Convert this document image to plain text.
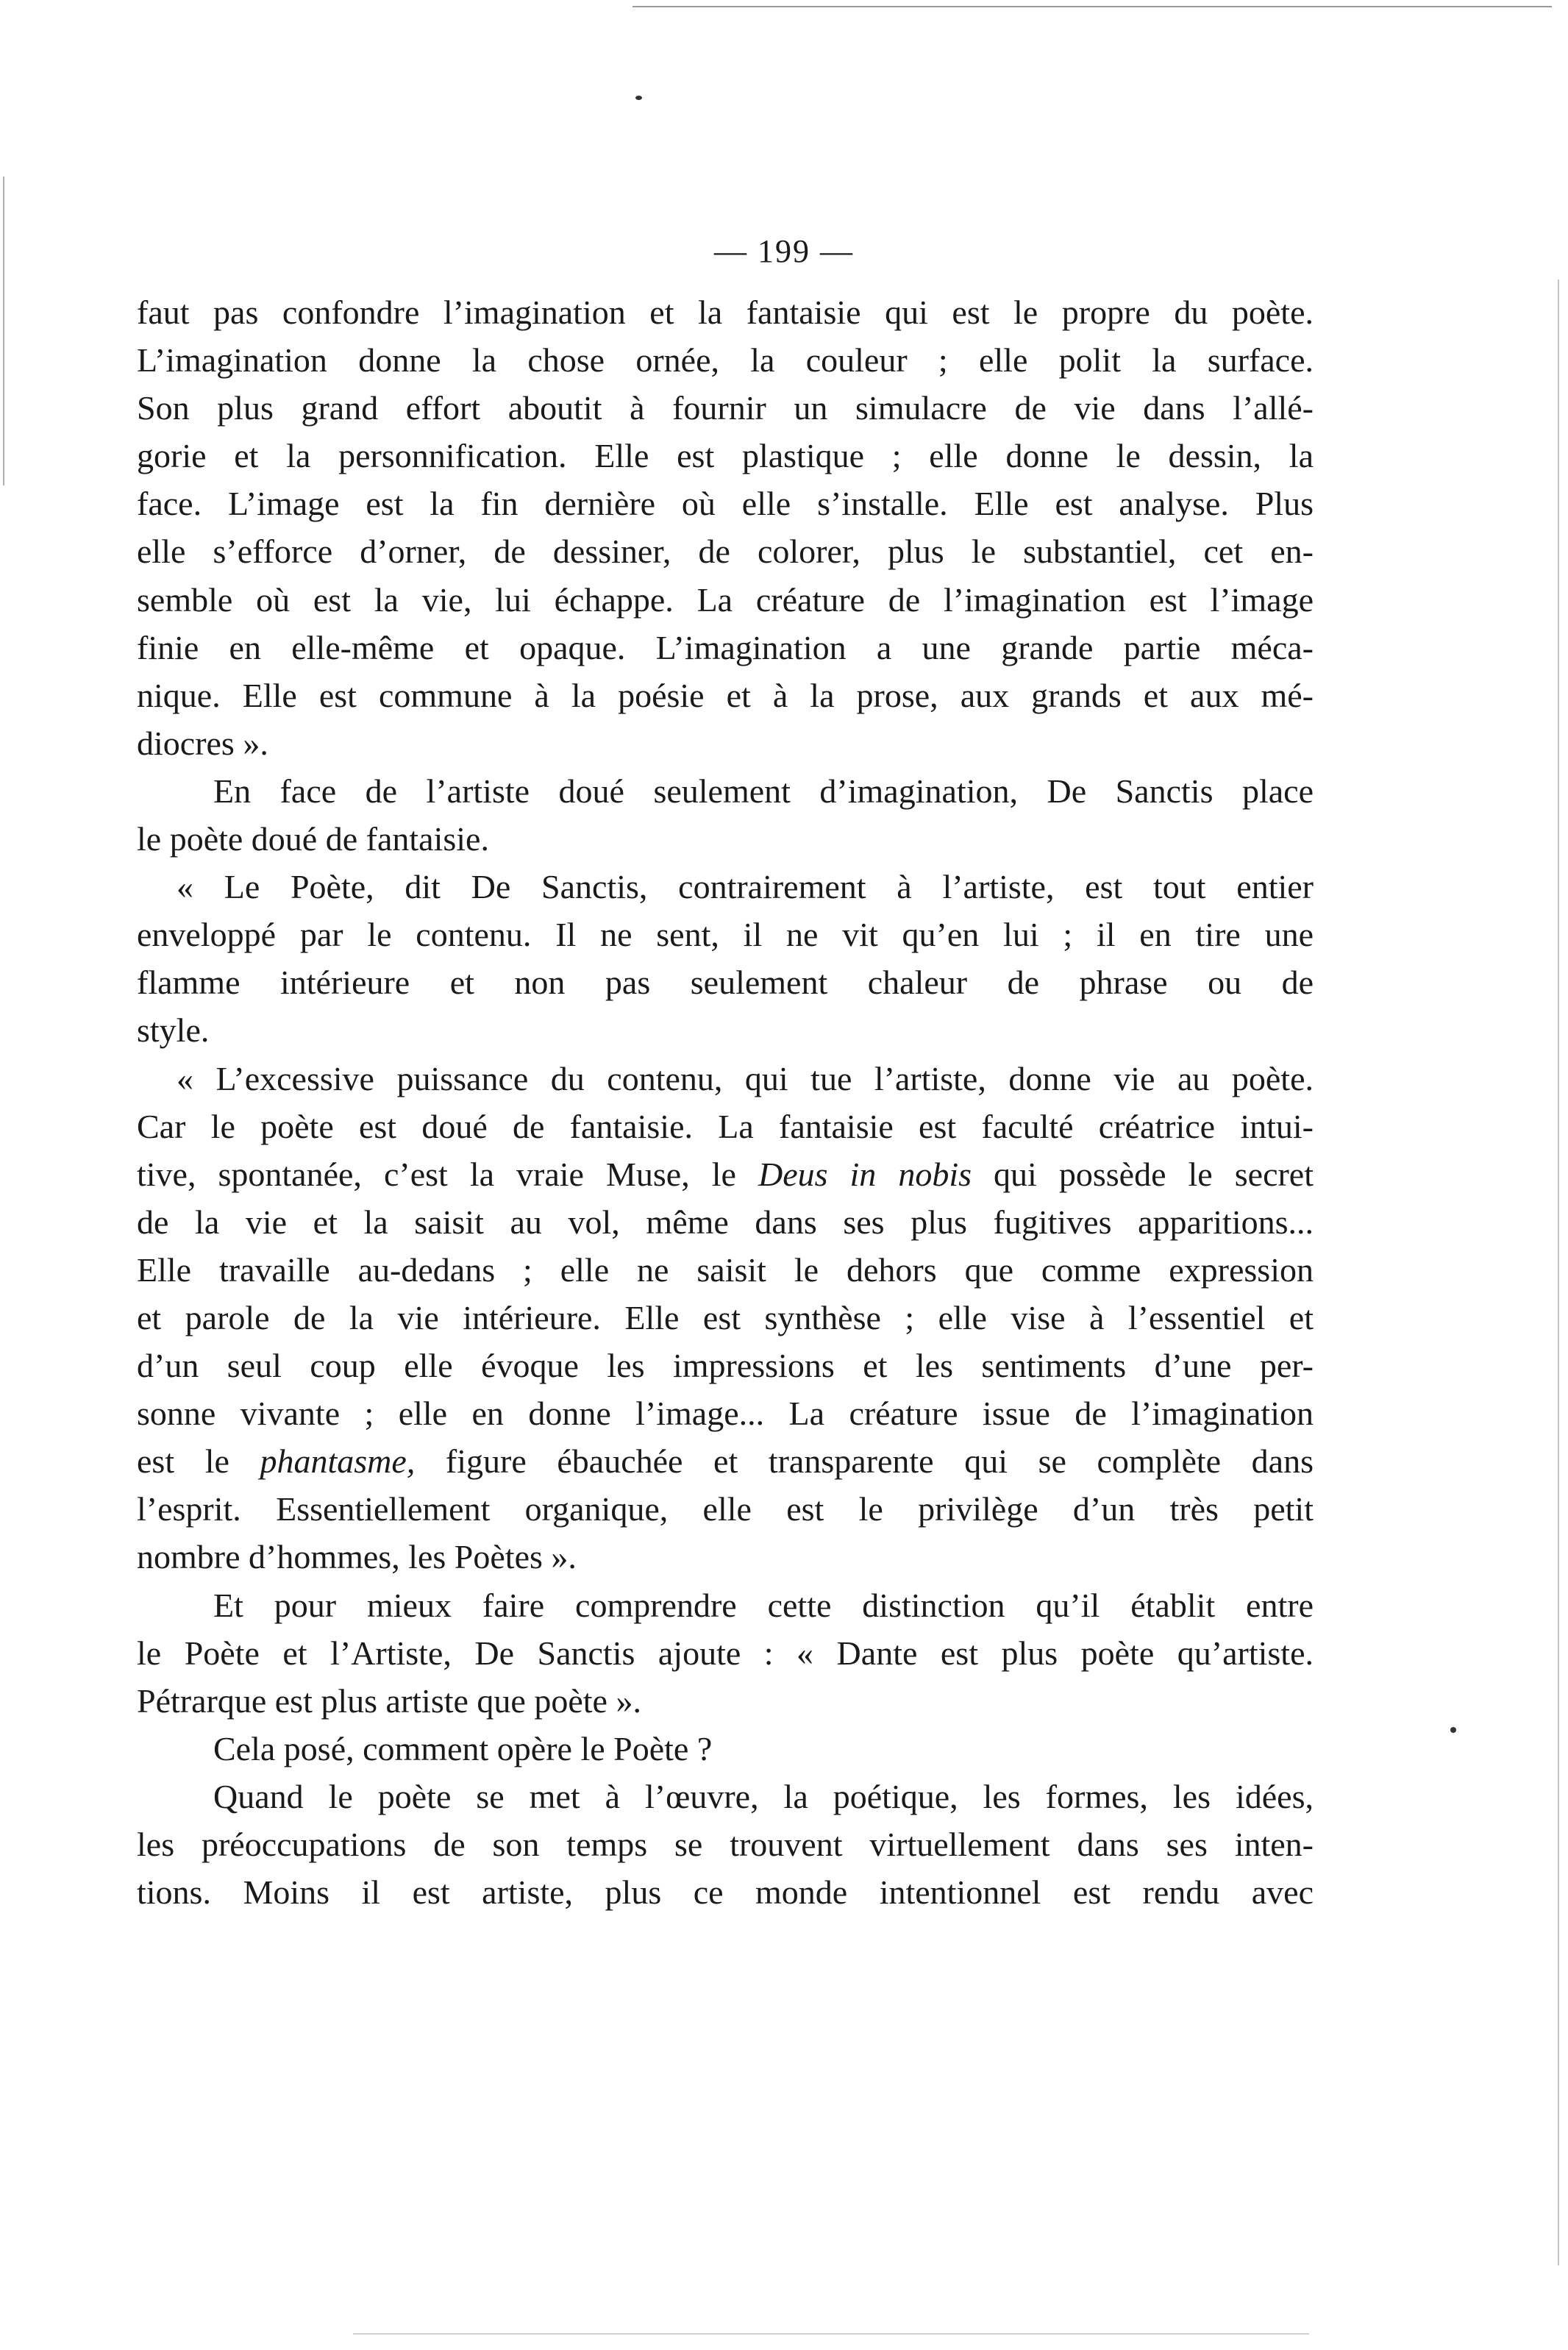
— 199 —
faut pas confondre l’imagination et la fantaisie qui est le propre du poète.
L’imagination donne la chose ornée, la couleur ; elle polit la surface.
Son plus grand effort aboutit à fournir un simulacre de vie dans l’allé-
gorie et la personnification. Elle est plastique ; elle donne le dessin, la
face. L’image est la fin dernière où elle s’installe. Elle est analyse. Plus
elle s’efforce d’orner, de dessiner, de colorer, plus le substantiel, cet en-
semble où est la vie, lui échappe. La créature de l’imagination est l’image
finie en elle-même et opaque. L’imagination a une grande partie méca-
nique. Elle est commune à la poésie et à la prose, aux grands et aux mé-
diocres ».
En face de l’artiste doué seulement d’imagination, De Sanctis place
le poète doué de fantaisie.
« Le Poète, dit De Sanctis, contrairement à l’artiste, est tout entier
enveloppé par le contenu. Il ne sent, il ne vit qu’en lui ; il en tire une
flamme intérieure et non pas seulement chaleur de phrase ou de
style.
« L’excessive puissance du contenu, qui tue l’artiste, donne vie au poète.
Car le poète est doué de fantaisie. La fantaisie est faculté créatrice intui-
tive, spontanée, c’est la vraie Muse, le Deus in nobis qui possède le secret
de la vie et la saisit au vol, même dans ses plus fugitives apparitions...
Elle travaille au-dedans ; elle ne saisit le dehors que comme expression
et parole de la vie intérieure. Elle est synthèse ; elle vise à l’essentiel et
d’un seul coup elle évoque les impressions et les sentiments d’une per-
sonne vivante ; elle en donne l’image... La créature issue de l’imagination
est le phantasme, figure ébauchée et transparente qui se complète dans
l’esprit. Essentiellement organique, elle est le privilège d’un très petit
nombre d’hommes, les Poètes ».
Et pour mieux faire comprendre cette distinction qu’il établit entre
le Poète et l’Artiste, De Sanctis ajoute : « Dante est plus poète qu’artiste.
Pétrarque est plus artiste que poète ».
Cela posé, comment opère le Poète ?
Quand le poète se met à l’œuvre, la poétique, les formes, les idées,
les préoccupations de son temps se trouvent virtuellement dans ses inten-
tions. Moins il est artiste, plus ce monde intentionnel est rendu avec
